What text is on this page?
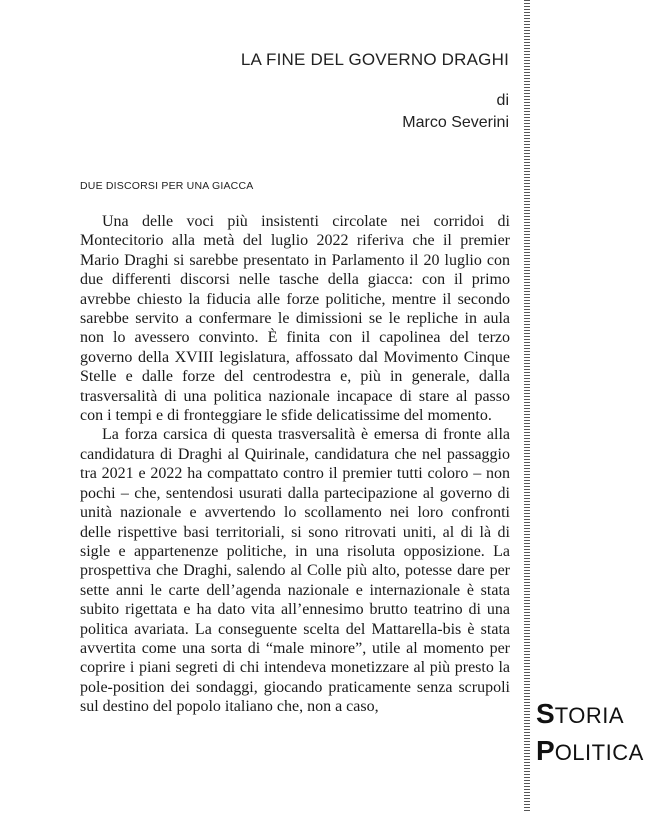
LA FINE DEL GOVERNO DRAGHI
di
Marco Severini
DUE DISCORSI PER UNA GIACCA

Una delle voci più insistenti circolate nei corridoi di Montecitorio alla metà del luglio 2022 riferiva che il premier Mario Draghi si sarebbe presentato in Parlamento il 20 luglio con due differenti discorsi nelle tasche della giacca: con il primo avrebbe chiesto la fiducia alle forze politiche, mentre il secondo sarebbe servito a confermare le dimissioni se le repliche in aula non lo avessero convinto. È finita con il capolinea del terzo governo della XVIII legislatura, affossato dal Movimento Cinque Stelle e dalle forze del centrodestra e, più in generale, dalla trasversalità di una politica nazionale incapace di stare al passo con i tempi e di fronteggiare le sfide delicatissime del momento.

La forza carsica di questa trasversalità è emersa di fronte alla candidatura di Draghi al Quirinale, candidatura che nel passaggio tra 2021 e 2022 ha compattato contro il premier tutti coloro – non pochi – che, sentendosi usurati dalla partecipazione al governo di unità nazionale e avvertendo lo scollamento nei loro confronti delle rispettive basi territoriali, si sono ritrovati uniti, al di là di sigle e appartenenze politiche, in una risoluta opposizione. La prospettiva che Draghi, salendo al Colle più alto, potesse dare per sette anni le carte dell’agenda nazionale e internazionale è stata subito rigettata e ha dato vita all’ennesimo brutto teatrino di una politica avariata. La conseguente scelta del Mattarella-bis è stata avvertita come una sorta di “male minore”, utile al momento per coprire i piani segreti di chi intendeva monetizzare al più presto la pole-position dei sondaggi, giocando praticamente senza scrupoli sul destino del popolo italiano che, non a caso,	STORIA
POLITICA
